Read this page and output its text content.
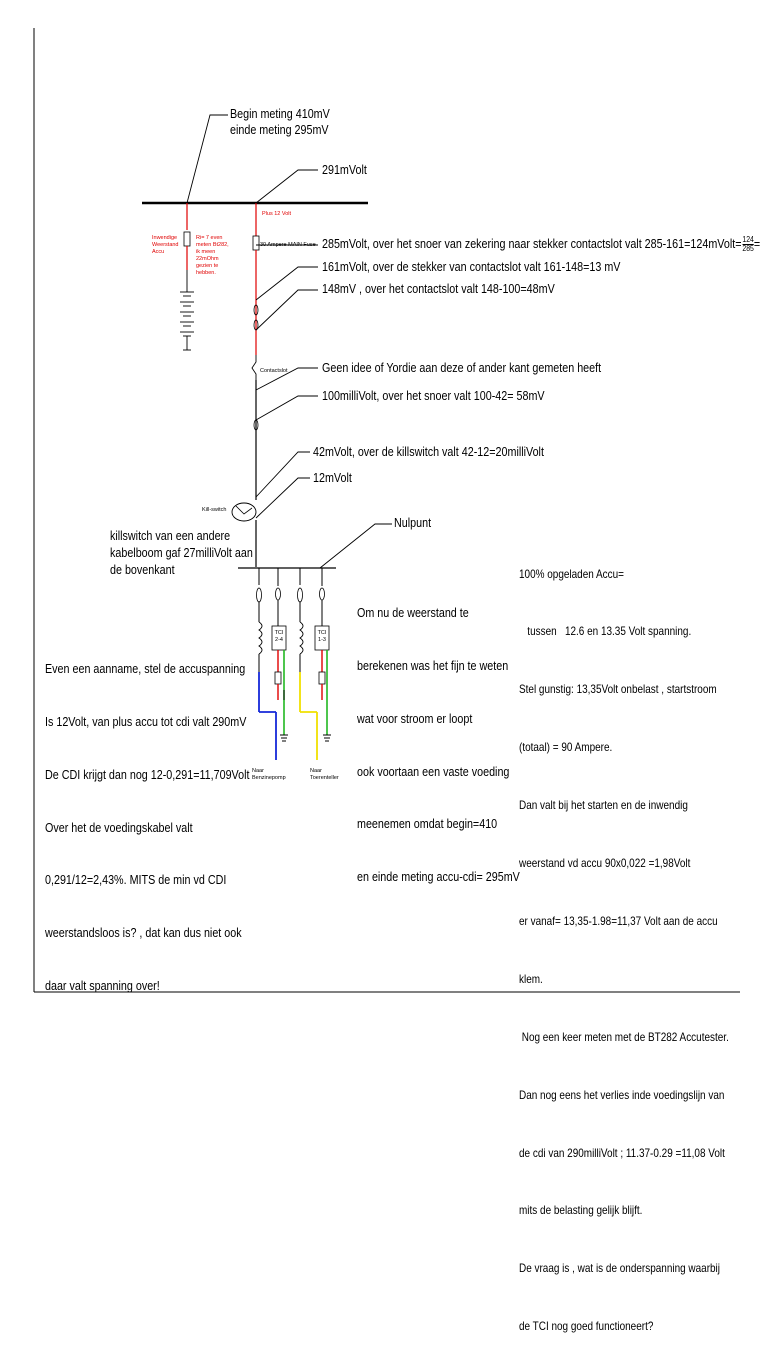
Inwendige
Weerstand
Accu
Ri= 7 even
meten Bt282,
ik meen
22mOhm
gezien te
hebben.
Plus 12 Volt
30 Ampere MAIN Fuse
Contactslot
Kill-switch
TCI
2-4
TCI
1-3
Naar
Benzinepomp
Naar
Toerenteller
Begin meting 410mV
einde meting 295mV
291mVolt
285mVolt, over het snoer van zekering naar stekker contactslot valt 285-161=124mVolt= $\frac{124}{285}$ =
161mVolt, over de stekker van contactslot valt 161-148=13 mV
148mV , over het contactslot valt 148-100=48mV
Geen idee of Yordie aan deze of ander kant gemeten heeft
100milliVolt, over het snoer valt 100-42= 58mV
42mVolt, over de killswitch valt 42-12=20milliVolt
12mVolt
Nulpunt
killswitch van een andere
kabelboom gaf 27milliVolt aan
de bovenkant

Om nu de weerstand te

berekenen was het fijn te weten

wat voor stroom er loopt

ook voortaan een vaste voeding

meenemen omdat begin=410

en einde meting accu-cdi= 295mV

Even een aanname, stel de accuspanning

Is 12Volt, van plus accu tot cdi valt 290mV

De CDI krijgt dan nog 12-0,291=11,709Volt

Over het de voedingskabel valt

0,291/12=2,43%. MITS de min vd CDI

weerstandsloos is? , dat kan dus niet ook

daar valt spanning over!

100% opgeladen Accu=

tussen   12.6 en 13.35 Volt spanning.

Stel gunstig: 13,35Volt onbelast , startstroom

(totaal) = 90 Ampere.

Dan valt bij het starten en de inwendig

weerstand vd accu 90x0,022 =1,98Volt

er vanaf= 13,35-1.98=11,37 Volt aan de accu

klem.

Nog een keer meten met de BT282 Accutester.

Dan nog eens het verlies inde voedingslijn van

de cdi van 290milliVolt ; 11.37-0.29 =11,08 Volt

mits de belasting gelijk blijft.

De vraag is , wat is de onderspanning waarbij

de TCI nog goed functioneert?
